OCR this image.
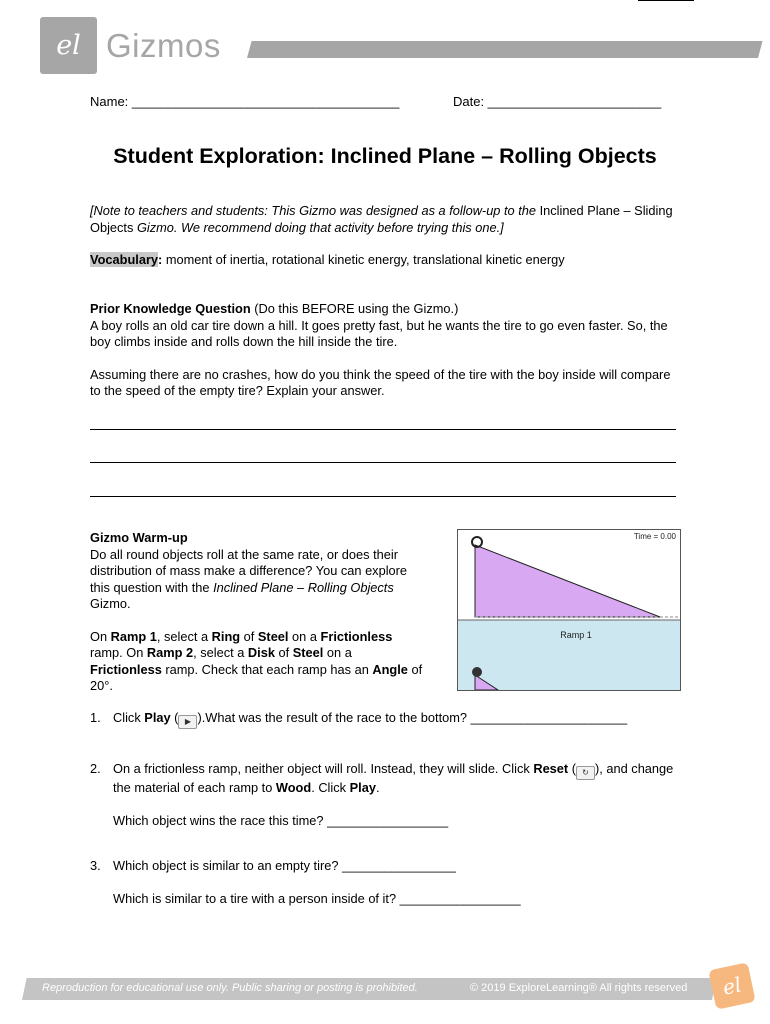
el Gizmos
Name: _____________________________________	Date: ________________________
Student Exploration: Inclined Plane – Rolling Objects
[Note to teachers and students: This Gizmo was designed as a follow-up to the Inclined Plane – Sliding Objects Gizmo. We recommend doing that activity before trying this one.]
Vocabulary: moment of inertia, rotational kinetic energy, translational kinetic energy
Prior Knowledge Question (Do this BEFORE using the Gizmo.)
A boy rolls an old car tire down a hill. It goes pretty fast, but he wants the tire to go even faster. So, the boy climbs inside and rolls down the hill inside the tire.
Assuming there are no crashes, how do you think the speed of the tire with the boy inside will compare to the speed of the empty tire? Explain your answer.
Gizmo Warm-up
Do all round objects roll at the same rate, or does their distribution of mass make a difference? You can explore this question with the Inclined Plane – Rolling Objects Gizmo.
On Ramp 1, select a Ring of Steel on a Frictionless ramp. On Ramp 2, select a Disk of Steel on a Frictionless ramp. Check that each ramp has an Angle of 20°.
Time = 0.00
Ramp 1
1. Click Play ( ▶ ).What was the result of the race to the bottom? ______________________
2. On a frictionless ramp, neither object will roll. Instead, they will slide. Click Reset ( ↻ ), and change the material of each ramp to Wood. Click Play.
Which object wins the race this time? _________________
3. Which object is similar to an empty tire? ________________
Which is similar to a tire with a person inside of it? _________________
Reproduction for educational use only. Public sharing or posting is prohibited.	© 2019 ExploreLearning® All rights reserved	el
